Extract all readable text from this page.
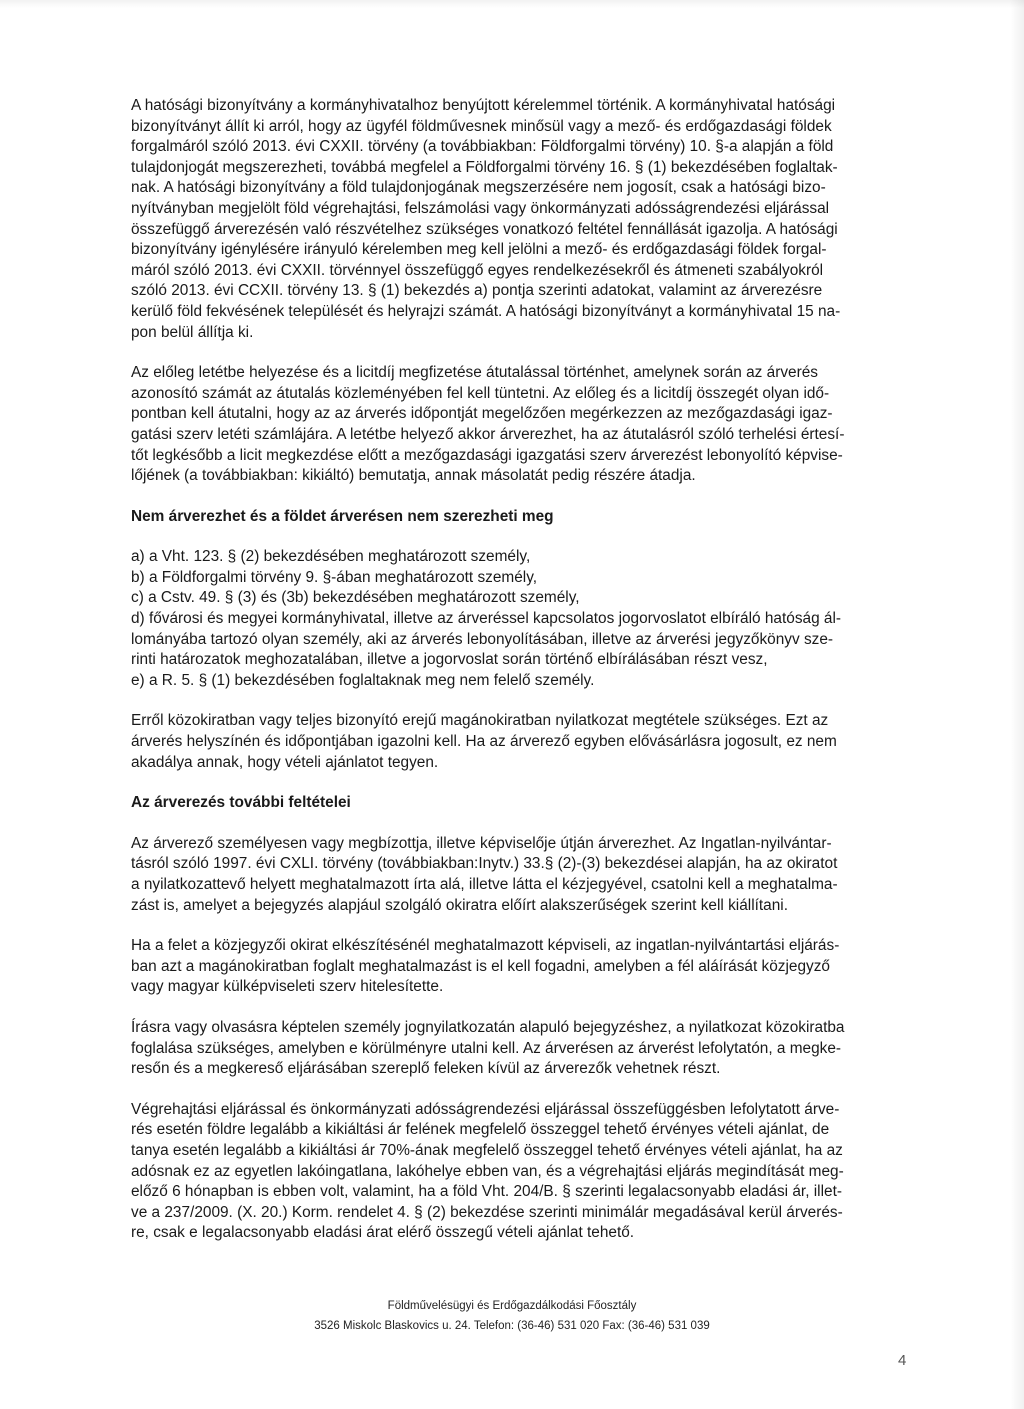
A hatósági bizonyítvány a kormányhivatalhoz benyújtott kérelemmel történik. A kormányhivatal hatósági
bizonyítványt állít ki arról, hogy az ügyfél földművesnek minősül vagy a mező- és erdőgazdasági földek
forgalmáról szóló 2013. évi CXXII. törvény (a továbbiakban: Földforgalmi törvény) 10. §-a alapján a föld
tulajdonjogát megszerezheti, továbbá megfelel a Földforgalmi törvény 16. § (1) bekezdésében foglaltak-
nak. A hatósági bizonyítvány a föld tulajdonjogának megszerzésére nem jogosít, csak a hatósági bizo-
nyítványban megjelölt föld végrehajtási, felszámolási vagy önkormányzati adósságrendezési eljárással
összefüggő árverezésén való részvételhez szükséges vonatkozó feltétel fennállását igazolja. A hatósági
bizonyítvány igénylésére irányuló kérelemben meg kell jelölni a mező- és erdőgazdasági földek forgal-
máról szóló 2013. évi CXXII. törvénnyel összefüggő egyes rendelkezésekről és átmeneti szabályokról
szóló 2013. évi CCXII. törvény 13. § (1) bekezdés a) pontja szerinti adatokat, valamint az árverezésre
kerülő föld fekvésének települését és helyrajzi számát. A hatósági bizonyítványt a kormányhivatal 15 na-
pon belül állítja ki.

Az előleg letétbe helyezése és a licitdíj megfizetése átutalással történhet, amelynek során az árverés
azonosító számát az átutalás közleményében fel kell tüntetni. Az előleg és a licitdíj összegét olyan idő-
pontban kell átutalni, hogy az az árverés időpontját megelőzően megérkezzen az mezőgazdasági igaz-
gatási szerv letéti számlájára. A letétbe helyező akkor árverezhet, ha az átutalásról szóló terhelési értesí-
tőt legkésőbb a licit megkezdése előtt a mezőgazdasági igazgatási szerv árverezést lebonyolító képvise-
lőjének (a továbbiakban: kikiáltó) bemutatja, annak másolatát pedig részére átadja.

Nem árverezhet és a földet árverésen nem szerezheti meg
a) a Vht. 123. § (2) bekezdésében meghatározott személy,
b) a Földforgalmi törvény 9. §-ában meghatározott személy,
c) a Cstv. 49. § (3) és (3b) bekezdésében meghatározott személy,
d) fővárosi és megyei kormányhivatal, illetve az árveréssel kapcsolatos jogorvoslatot elbíráló hatóság ál-
lományába tartozó olyan személy, aki az árverés lebonyolításában, illetve az árverési jegyzőkönyv sze-
rinti határozatok meghozatalában, illetve a jogorvoslat során történő elbírálásában részt vesz,
e) a R. 5. § (1) bekezdésében foglaltaknak meg nem felelő személy.

Erről közokiratban vagy teljes bizonyító erejű magánokiratban nyilatkozat megtétele szükséges. Ezt az
árverés helyszínén és időpontjában igazolni kell. Ha az árverező egyben elővásárlásra jogosult, ez nem
akadálya annak, hogy vételi ajánlatot tegyen.

Az árverezés további feltételei

Az árverező személyesen vagy megbízottja, illetve képviselője útján árverezhet. Az Ingatlan-nyilvántar-
tásról szóló 1997. évi CXLI. törvény (továbbiakban:Inytv.) 33.§ (2)-(3) bekezdései alapján, ha az okiratot
a nyilatkozattevő helyett meghatalmazott írta alá, illetve látta el kézjegyével, csatolni kell a meghatalma-
zást is, amelyet a bejegyzés alapjául szolgáló okiratra előírt alakszerűségek szerint kell kiállítani.

Ha a felet a közjegyzői okirat elkészítésénél meghatalmazott képviseli, az ingatlan-nyilvántartási eljárás-
ban azt a magánokiratban foglalt meghatalmazást is el kell fogadni, amelyben a fél aláírását közjegyző
vagy magyar külképviseleti szerv hitelesítette.

Írásra vagy olvasásra képtelen személy jognyilatkozatán alapuló bejegyzéshez, a nyilatkozat közokiratba
foglalása szükséges, amelyben e körülményre utalni kell. Az árverésen az árverést lefolytatón, a megke-
resőn és a megkereső eljárásában szereplő feleken kívül az árverezők vehetnek részt.

Végrehajtási eljárással és önkormányzati adósságrendezési eljárással összefüggésben lefolytatott árve-
rés esetén földre legalább a kikiáltási ár felének megfelelő összeggel tehető érvényes vételi ajánlat, de
tanya esetén legalább a kikiáltási ár 70%-ának megfelelő összeggel tehető érvényes vételi ajánlat, ha az
adósnak ez az egyetlen lakóingatlana, lakóhelye ebben van, és a végrehajtási eljárás megindítását meg-
előző 6 hónapban is ebben volt, valamint, ha a föld Vht. 204/B. § szerinti legalacsonyabb eladási ár, illet-
ve a 237/2009. (X. 20.) Korm. rendelet 4. § (2) bekezdése szerinti minimálár megadásával kerül árverés-
re, csak e legalacsonyabb eladási árat elérő összegű vételi ajánlat tehető.

Földművelésügyi és Erdőgazdálkodási Főosztály
3526 Miskolc Blaskovics u. 24. Telefon: (36-46) 531 020 Fax: (36-46) 531 039
4
